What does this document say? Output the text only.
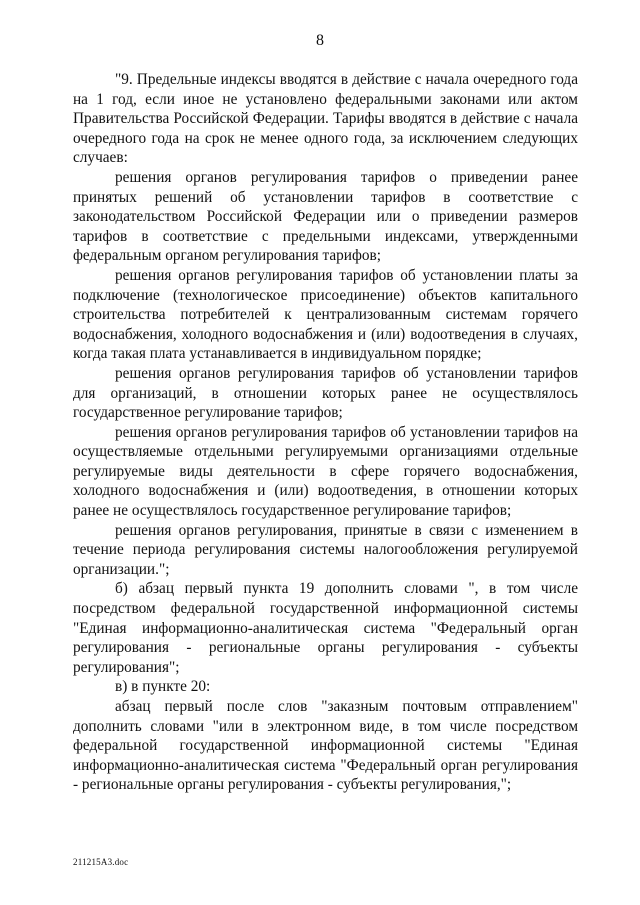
8

"9. Предельные индексы вводятся в действие с начала очередного года на 1 год, если иное не установлено федеральными законами или актом Правительства Российской Федерации. Тарифы вводятся в действие с начала очередного года на срок не менее одного года, за исключением следующих случаев:

решения органов регулирования тарифов о приведении ранее принятых решений об установлении тарифов в соответствие с законодательством Российской Федерации или о приведении размеров тарифов в соответствие с предельными индексами, утвержденными федеральным органом регулирования тарифов;

решения органов регулирования тарифов об установлении платы за подключение (технологическое присоединение) объектов капитального строительства потребителей к централизованным системам горячего водоснабжения, холодного водоснабжения и (или) водоотведения в случаях, когда такая плата устанавливается в индивидуальном порядке;

решения органов регулирования тарифов об установлении тарифов для организаций, в отношении которых ранее не осуществлялось государственное регулирование тарифов;

решения органов регулирования тарифов об установлении тарифов на осуществляемые отдельными регулируемыми организациями отдельные регулируемые виды деятельности в сфере горячего водоснабжения, холодного водоснабжения и (или) водоотведения, в отношении которых ранее не осуществлялось государственное регулирование тарифов;

решения органов регулирования, принятые в связи с изменением в течение периода регулирования системы налогообложения регулируемой организации.";

б) абзац первый пункта 19 дополнить словами ", в том числе посредством федеральной государственной информационной системы "Единая информационно-аналитическая система "Федеральный орган регулирования - региональные органы регулирования - субъекты регулирования";

в) в пункте 20:

абзац первый после слов "заказным почтовым отправлением" дополнить словами "или в электронном виде, в том числе посредством федеральной государственной информационной системы "Единая информационно-аналитическая система "Федеральный орган регулирования - региональные органы регулирования - субъекты регулирования,";

211215A3.doc
